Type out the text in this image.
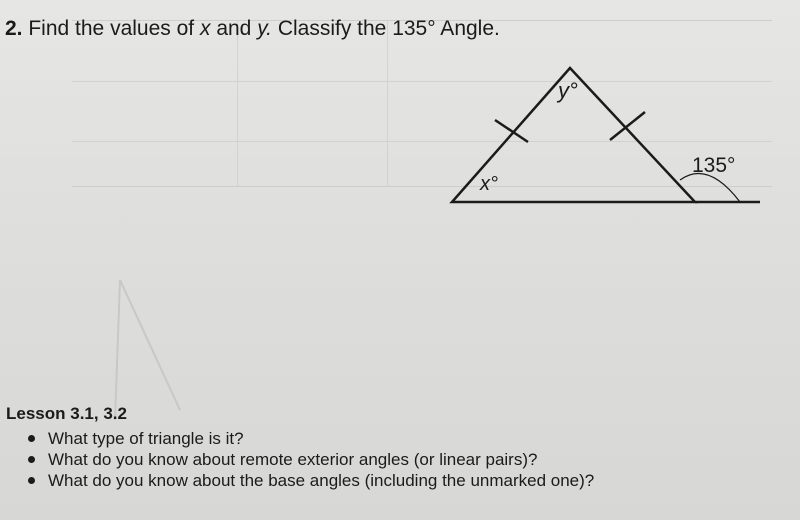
2. Find the values of x and y. Classify the 135° Angle.
y°
x°
135°
Lesson 3.1, 3.2
What type of triangle is it?
What do you know about remote exterior angles (or linear pairs)?
What do you know about the base angles (including the unmarked one)?
